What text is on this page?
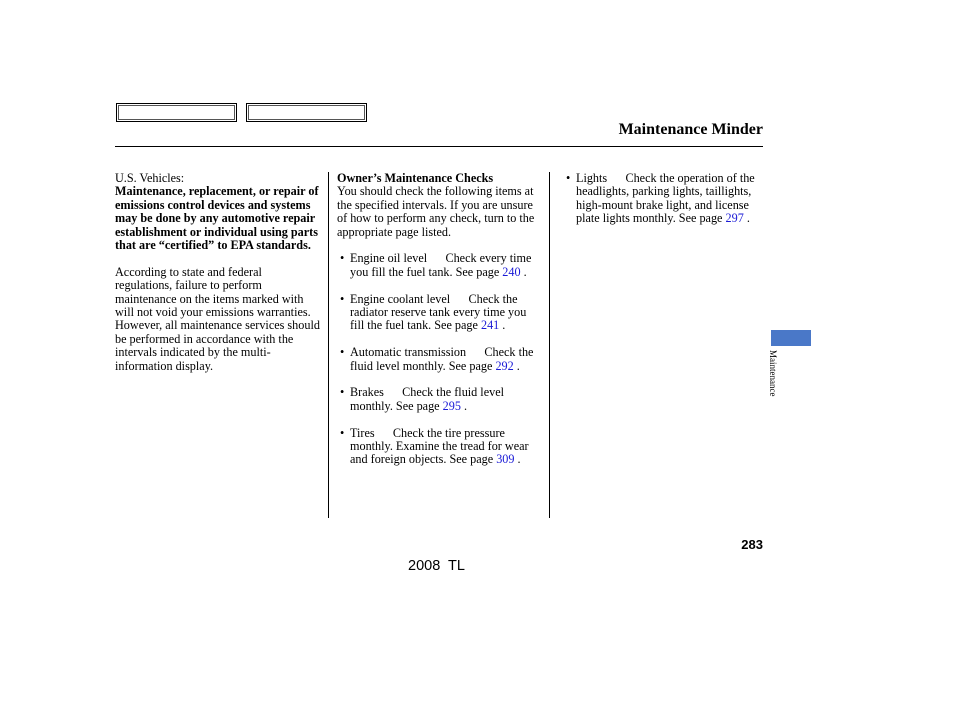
Maintenance Minder

U.S. Vehicles:

Maintenance, replacement, or repair of emissions control devices and systems may be done by any automotive repair establishment or individual using parts that are “certified” to EPA standards.

According to state and federal regulations, failure to perform maintenance on the items marked with      will not void your emissions warranties. However, all maintenance services should be performed in accordance with the intervals indicated by the multi-information display.

Owner’s Maintenance Checks

You should check the following items at the specified intervals. If you are unsure of how to perform any check, turn to the appropriate page listed.

• Engine oil level Check every time you fill the fuel tank. See page 240 .
• Engine coolant level Check the radiator reserve tank every time you fill the fuel tank. See page 241 .
• Automatic transmission Check the fluid level monthly. See page 292 .
• Brakes Check the fluid level monthly. See page 295 .
• Tires Check the tire pressure monthly. Examine the tread for wear and foreign objects. See page 309 .
• Lights Check the operation of the headlights, parking lights, taillights, high-mount brake light, and license plate lights monthly. See page 297 .
Maintenance
283
2008  TL
